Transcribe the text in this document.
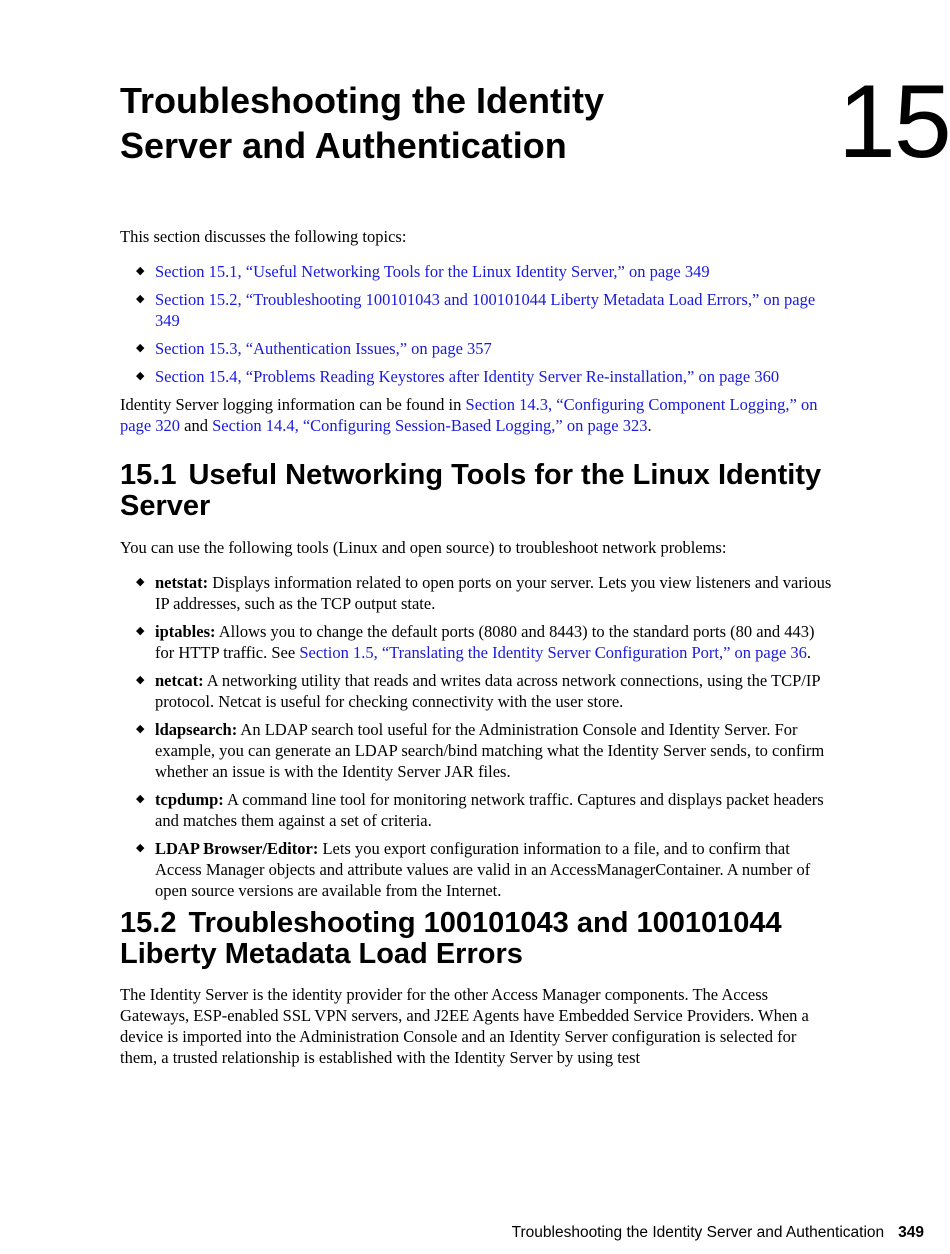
Troubleshooting the Identity
Server and Authentication	15

This section discusses the following topics:

◆ Section 15.1, “Useful Networking Tools for the Linux Identity Server,” on page 349
◆ Section 15.2, “Troubleshooting 100101043 and 100101044 Liberty Metadata Load Errors,” on page 349
◆ Section 15.3, “Authentication Issues,” on page 357
◆ Section 15.4, “Problems Reading Keystores after Identity Server Re-installation,” on page 360

Identity Server logging information can be found in Section 14.3, “Configuring Component Logging,” on page 320 and Section 14.4, “Configuring Session-Based Logging,” on page 323.

15.1 Useful Networking Tools for the Linux Identity Server

You can use the following tools (Linux and open source) to troubleshoot network problems:

◆ netstat: Displays information related to open ports on your server. Lets you view listeners and various IP addresses, such as the TCP output state.
◆ iptables: Allows you to change the default ports (8080 and 8443) to the standard ports (80 and 443) for HTTP traffic. See Section 1.5, “Translating the Identity Server Configuration Port,” on page 36.
◆ netcat: A networking utility that reads and writes data across network connections, using the TCP/IP protocol. Netcat is useful for checking connectivity with the user store.
◆ ldapsearch: An LDAP search tool useful for the Administration Console and Identity Server. For example, you can generate an LDAP search/bind matching what the Identity Server sends, to confirm whether an issue is with the Identity Server JAR files.
◆ tcpdump: A command line tool for monitoring network traffic. Captures and displays packet headers and matches them against a set of criteria.
◆ LDAP Browser/Editor: Lets you export configuration information to a file, and to confirm that Access Manager objects and attribute values are valid in an AccessManagerContainer. A number of open source versions are available from the Internet.
15.2 Troubleshooting 100101043 and 100101044 Liberty Metadata Load Errors

The Identity Server is the identity provider for the other Access Manager components. The Access Gateways, ESP-enabled SSL VPN servers, and J2EE Agents have Embedded Service Providers. When a device is imported into the Administration Console and an Identity Server configuration is selected for them, a trusted relationship is established with the Identity Server by using test

Troubleshooting the Identity Server and Authentication 349
